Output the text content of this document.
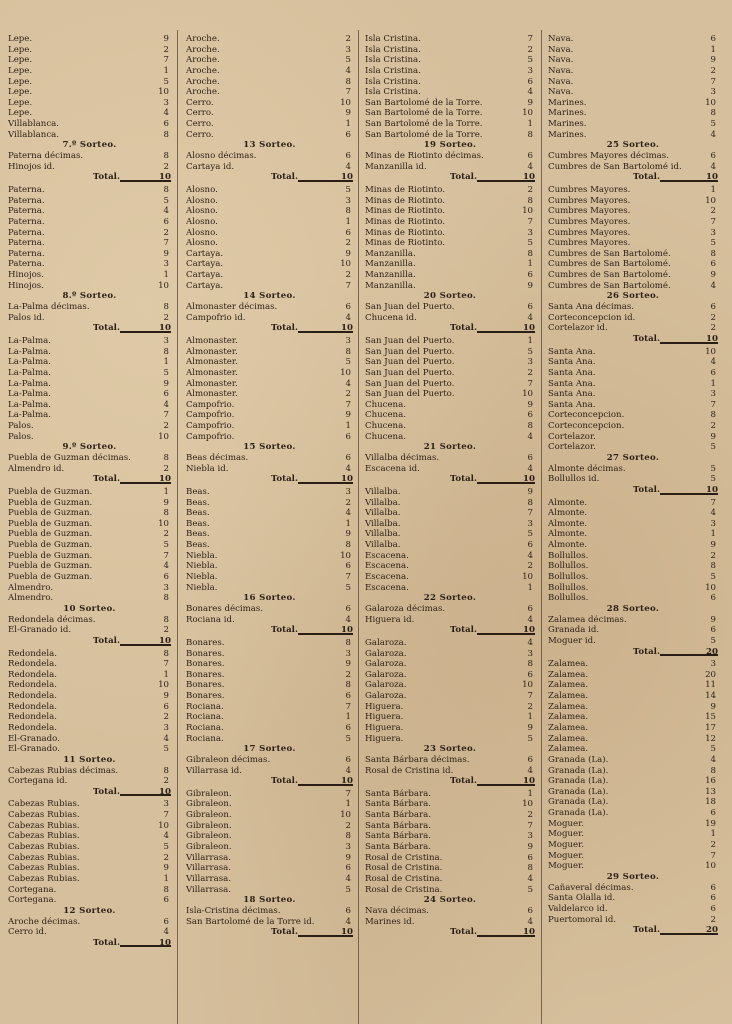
Lepe.	9
Lepe.	2
Lepe.	7
Lepe.	1
Lepe.	5
Lepe.	10
Lepe.	3
Lepe.	4
Villablanca.	6
Villablanca.	8
7.º Sorteo.
Paterna décimas.	8
Hinojos id.	2
Total.	10
Paterna.	8
Paterna.	5
Paterna.	4
Paterna.	6
Paterna.	2
Paterna.	7
Paterna.	9
Paterna.	3
Hinojos.	1
Hinojos.	10
8.º Sorteo.
La-Palma décimas.	8
Palos id.	2
Total.	10
La-Palma.	3
La-Palma.	8
La-Palma.	1
La-Palma.	5
La-Palma.	9
La-Palma.	6
La-Palma.	4
La-Palma.	7
Palos.	2
Palos.	10
9.º Sorteo.
Puebla de Guzman décimas.	8
Almendro id.	2
Total.	10
Puebla de Guzman.	1
Puebla de Guzman.	9
Puebla de Guzman.	8
Puebla de Guzman.	10
Puebla de Guzman.	2
Puebla de Guzman.	5
Puebla de Guzman.	7
Puebla de Guzman.	4
Puebla de Guzman.	6
Almendro.	3
Almendro.	8
10 Sorteo.
Redondela décimas.	8
El-Granado id.	2
Total.	10
Redondela.	8
Redondela.	7
Redondela.	1
Redondela.	10
Redondela.	9
Redondela.	6
Redondela.	2
Redondela.	3
El-Granado.	4
El-Granado.	5
11 Sorteo.
Cabezas Rubias décimas.	8
Cortegana id.	2
Total.	10
Cabezas Rubias.	3
Cabezas Rubias.	7
Cabezas Rubias.	10
Cabezas Rubias.	4
Cabezas Rubias.	5
Cabezas Rubias.	2
Cabezas Rubias.	9
Cabezas Rubias.	1
Cortegana.	8
Cortegana.	6
12 Sorteo.
Aroche décimas.	6
Cerro id.	4
Total.	10
Aroche.	2
Aroche.	3
Aroche.	5
Aroche.	4
Aroche.	8
Aroche.	7
Cerro.	10
Cerro.	9
Cerro.	1
Cerro.	6
13 Sorteo.
Alosno décimas.	6
Cartaya id.	4
Total.	10
Alosno.	5
Alosno.	3
Alosno.	8
Alosno.	1
Alosno.	6
Alosno.	2
Cartaya.	9
Cartaya.	10
Cartaya.	2
Cartaya.	7
14 Sorteo.
Almonaster décimas.	6
Campofrio id.	4
Total.	10
Almonaster.	3
Almonaster.	8
Almonaster.	5
Almonaster.	10
Almonaster.	4
Almonaster.	2
Campofrio.	7
Campofrio.	9
Campofrio.	1
Campofrio.	6
15 Sorteo.
Beas décimas.	6
Niebla id.	4
Total.	10
Beas.	3
Beas.	2
Beas.	4
Beas.	1
Beas.	9
Beas.	8
Niebla.	10
Niebla.	6
Niebla.	7
Niebla.	5
16 Sorteo.
Bonares décimas.	6
Rociana id.	4
Total.	10
Bonares.	8
Bonares.	3
Bonares.	9
Bonares.	2
Bonares.	8
Bonares.	6
Rociana.	7
Rociana.	1
Rociana.	6
Rociana.	5
17 Sorteo.
Gibraleon décimas.	6
Villarrasa id.	4
Total.	10
Gibraleon.	7
Gibraleon.	1
Gibraleon.	10
Gibraleon.	2
Gibraleon.	8
Gibraleon.	3
Villarrasa.	9
Villarrasa.	6
Villarrasa.	4
Villarrasa.	5
18 Sorteo.
Isla-Cristina décimas.	6
San Bartolomé de la Torre id.	4
Total.	10
Isla Cristina.	7
Isla Cristina.	2
Isla Cristina.	5
Isla Cristina.	3
Isla Cristina.	6
Isla Cristina.	4
San Bartolomé de la Torre.	9
San Bartolomé de la Torre.	10
San Bartolomé de la Torre.	1
San Bartolomé de la Torre.	8
19 Sorteo.
Minas de Riotinto décimas.	6
Manzanilla id.	4
Total.	10
Minas de Riotinto.	2
Minas de Riotinto.	8
Minas de Riotinto.	10
Minas de Riotinto.	7
Minas de Riotinto.	3
Minas de Riotinto.	5
Manzanilla.	8
Manzanilla.	1
Manzanilla.	6
Manzanilla.	9
20 Sorteo.
San Juan del Puerto.	6
Chucena id.	4
Total.	10
San Juan del Puerto.	1
San Juan del Puerto.	5
San Juan del Puerto.	3
San Juan del Puerto.	2
San Juan del Puerto.	7
San Juan del Puerto.	10
Chucena.	9
Chucena.	6
Chucena.	8
Chucena.	4
21 Sorteo.
Villalba décimas.	6
Escacena id.	4
Total.	10
Villalba.	9
Villalba.	8
Villalba.	7
Villalba.	3
Villalba.	5
Villalba.	6
Escacena.	4
Escacena.	2
Escacena.	10
Escacena.	1
22 Sorteo.
Galaroza décimas.	6
Higuera id.	4
Total.	10
Galaroza.	4
Galaroza.	3
Galaroza.	8
Galaroza.	6
Galaroza.	10
Galaroza.	7
Higuera.	2
Higuera.	1
Higuera.	9
Higuera.	5
23 Sorteo.
Santa Bárbara décimas.	6
Rosal de Cristina id.	4
Total.	10
Santa Bárbara.	1
Santa Bárbara.	10
Santa Bárbara.	2
Santa Bárbara.	7
Santa Bárbara.	3
Santa Bárbara.	9
Rosal de Cristina.	6
Rosal de Cristina.	8
Rosal de Cristina.	4
Rosal de Cristina.	5
24 Sorteo.
Nava décimas.	6
Marines id.	4
Total.	10
Nava.	6
Nava.	1
Nava.	9
Nava.	2
Nava.	7
Nava.	3
Marines.	10
Marines.	8
Marines.	5
Marines.	4
25 Sorteo.
Cumbres Mayores décimas.	6
Cumbres de San Bartolomé id.	4
Total.	10
Cumbres Mayores.	1
Cumbres Mayores.	10
Cumbres Mayores.	2
Cumbres Mayores.	7
Cumbres Mayores.	3
Cumbres Mayores.	5
Cumbres de San Bartolomé.	8
Cumbres de San Bartolomé.	6
Cumbres de San Bartolomé.	9
Cumbres de San Bartolomé.	4
26 Sorteo.
Santa Ana décimas.	6
Corteconcepcion id.	2
Cortelazor id.	2
Total.	10
Santa Ana.	10
Santa Ana.	4
Santa Ana.	6
Santa Ana.	1
Santa Ana.	3
Santa Ana.	7
Corteconcepcion.	8
Corteconcepcion.	2
Cortelazor.	9
Cortelazor.	5
27 Sorteo.
Almonte décimas.	5
Bollullos id.	5
Total.	10
Almonte.	7
Almonte.	4
Almonte.	3
Almonte.	1
Almonte.	9
Bollullos.	2
Bollullos.	8
Bollullos.	5
Bollullos.	10
Bollullos.	6
28 Sorteo.
Zalamea décimas.	9
Granada id.	6
Moguer id.	5
Total.	20
Zalamea.	3
Zalamea.	20
Zalamea.	11
Zalamea.	14
Zalamea.	9
Zalamea.	15
Zalamea.	17
Zalamea.	12
Zalamea.	5
Granada (La).	4
Granada (La).	8
Granada (La).	16
Granada (La).	13
Granada (La).	18
Granada (La).	6
Moguer.	19
Moguer.	1
Moguer.	2
Moguer.	7
Moguer.	10
29 Sorteo.
Cañaveral décimas.	6
Santa Olalla id.	6
Valdelarco id.	6
Puertomoral id.	2
Total.	20
